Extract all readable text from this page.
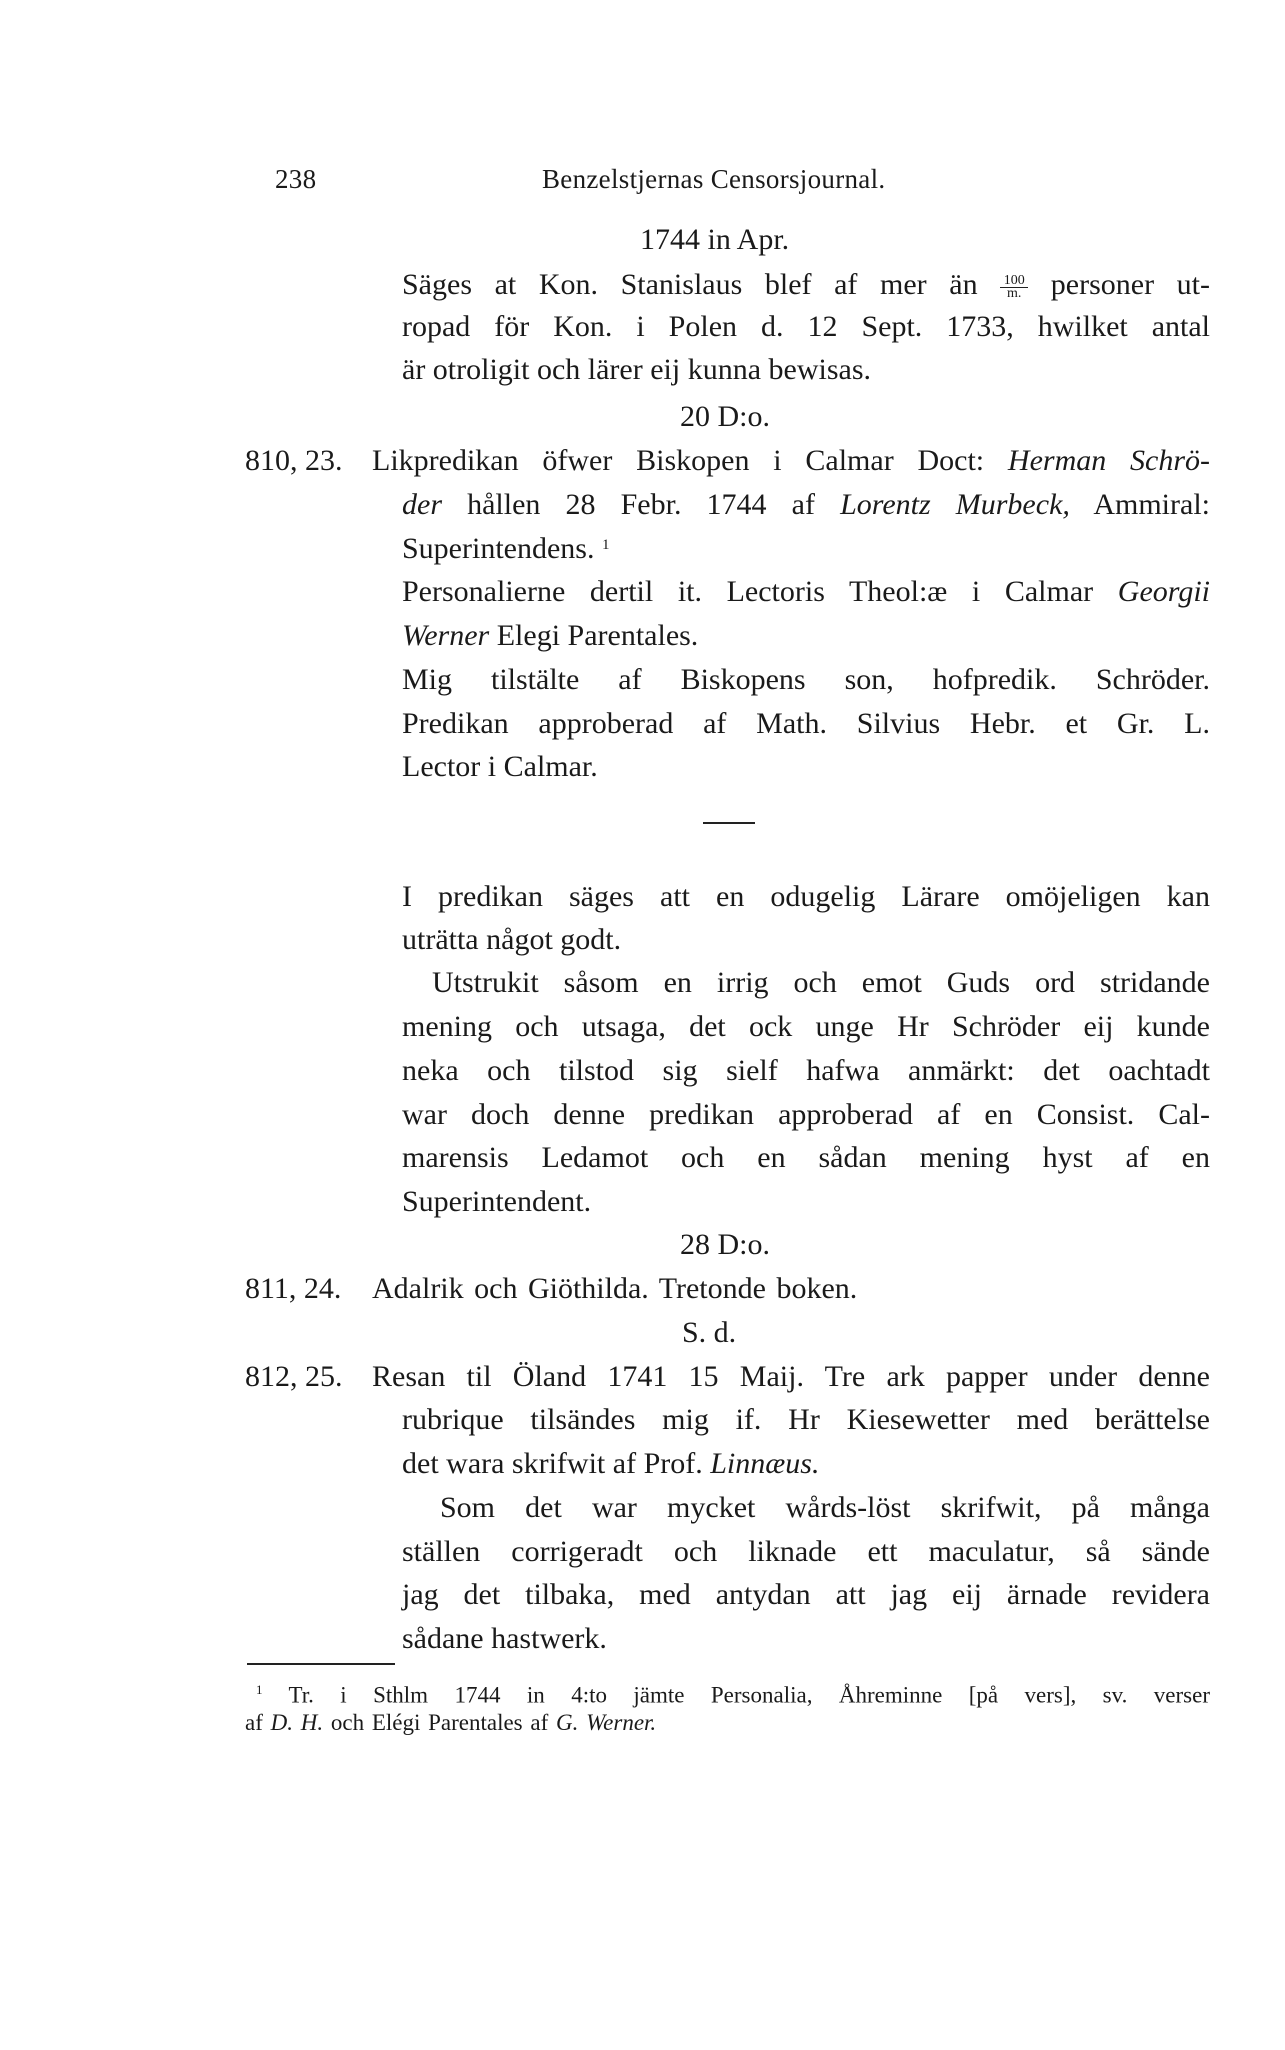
238	Benzelstjernas Censorsjournal.
1744 in Apr.
Säges at Kon. Stanislaus blef af mer än $\frac{100}{m.}$ personer ut-
ropad för Kon. i Polen d. 12 Sept. 1733, hwilket antal
är otroligit och lärer eij kunna bewisas.
20 D:o.
810, 23. Likpredikan öfwer Biskopen i Calmar Doct: Herman Schrö-
der hållen 28 Febr. 1744 af Lorentz Murbeck, Ammiral:
Superintendens. $^1$
Personalierne dertil it. Lectoris Theol:æ i Calmar Georgii
Werner Elegi Parentales.
Mig tilstälte af Biskopens son, hofpredik. Schröder.
Predikan approberad af Math. Silvius Hebr. et Gr. L.
Lector i Calmar.
I predikan säges att en odugelig Lärare omöjeligen kan
uträtta något godt.
Utstrukit såsom en irrig och emot Guds ord stridande
mening och utsaga, det ock unge Hr Schröder eij kunde
neka och tilstod sig sielf hafwa anmärkt: det oachtadt
war doch denne predikan approberad af en Consist. Cal-
marensis Ledamot och en sådan mening hyst af en
Superintendent.
28 D:o.
811, 24. Adalrik och Giöthilda. Tretonde boken.
S. d.
812, 25. Resan til Öland 1741 15 Maij. Tre ark papper under denne
rubrique tilsändes mig if. Hr Kiesewetter med berättelse
det wara skrifwit af Prof. Linnæus.
Som det war mycket wårds-löst skrifwit, på många
ställen corrigeradt och liknade ett maculatur, så sände
jag det tilbaka, med antydan att jag eij ärnade revidera
sådane hastwerk.
$^1$ Tr. i Sthlm 1744 in 4:to jämte Personalia, Åhreminne [på vers], sv. verser
af D. H. och Elégi Parentales af G. Werner.
